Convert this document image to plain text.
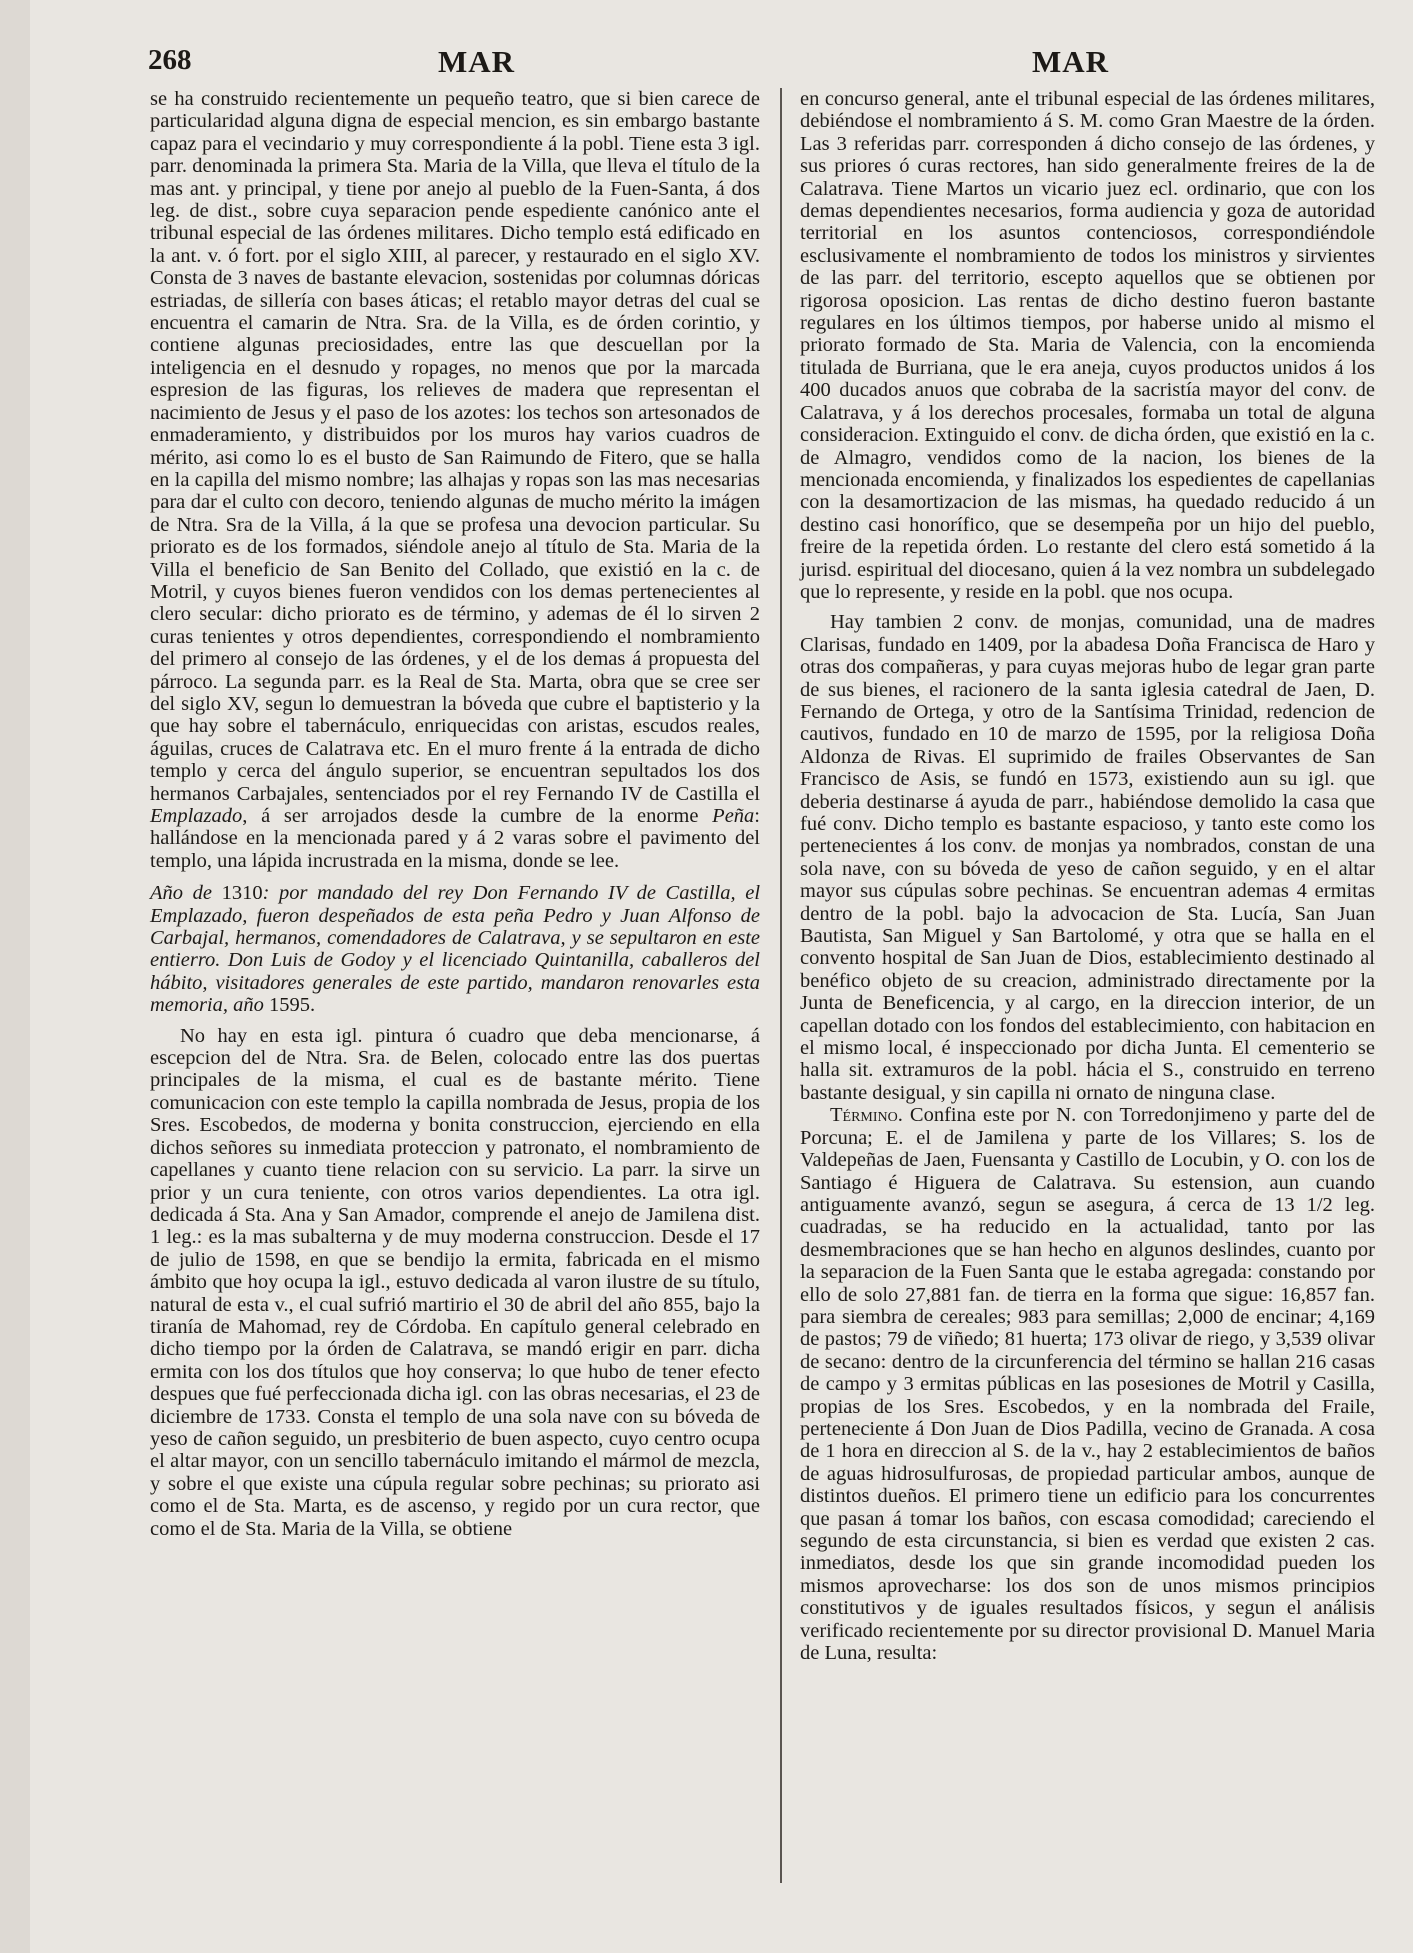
268	MAR	MAR

se ha construido recientemente un pequeño teatro, que si bien carece de particularidad alguna digna de especial mencion, es sin embargo bastante capaz para el vecindario y muy correspondiente á la pobl. Tiene esta 3 igl. parr. denominada la primera Sta. Maria de la Villa, que lleva el título de la mas ant. y principal, y tiene por anejo al pueblo de la Fuen-Santa, á dos leg. de dist., sobre cuya separacion pende espediente canónico ante el tribunal especial de las órdenes militares. Dicho templo está edificado en la ant. v. ó fort. por el siglo XIII, al parecer, y restaurado en el siglo XV. Consta de 3 naves de bastante elevacion, sostenidas por columnas dóricas estriadas, de sillería con bases áticas; el retablo mayor detras del cual se encuentra el camarin de Ntra. Sra. de la Villa, es de órden corintio, y contiene algunas preciosidades, entre las que descuellan por la inteligencia en el desnudo y ropages, no menos que por la marcada espresion de las figuras, los relieves de madera que representan el nacimiento de Jesus y el paso de los azotes: los techos son artesonados de enmaderamiento, y distribuidos por los muros hay varios cuadros de mérito, asi como lo es el busto de San Raimundo de Fitero, que se halla en la capilla del mismo nombre; las alhajas y ropas son las mas necesarias para dar el culto con decoro, teniendo algunas de mucho mérito la imágen de Ntra. Sra de la Villa, á la que se profesa una devocion particular. Su priorato es de los formados, siéndole anejo al título de Sta. Maria de la Villa el beneficio de San Benito del Collado, que existió en la c. de Motril, y cuyos bienes fueron vendidos con los demas pertenecientes al clero secular: dicho priorato es de término, y ademas de él lo sirven 2 curas tenientes y otros dependientes, correspondiendo el nombramiento del primero al consejo de las órdenes, y el de los demas á propuesta del párroco. La segunda parr. es la Real de Sta. Marta, obra que se cree ser del siglo XV, segun lo demuestran la bóveda que cubre el baptisterio y la que hay sobre el tabernáculo, enriquecidas con aristas, escudos reales, águilas, cruces de Calatrava etc. En el muro frente á la entrada de dicho templo y cerca del ángulo superior, se encuentran sepultados los dos hermanos Carbajales, sentenciados por el rey Fernando IV de Castilla el Emplazado, á ser arrojados desde la cumbre de la enorme Peña: hallándose en la mencionada pared y á 2 varas sobre el pavimento del templo, una lápida incrustrada en la misma, donde se lee.

Año de 1310: por mandado del rey Don Fernando IV de Castilla, el Emplazado, fueron despeñados de esta peña Pedro y Juan Alfonso de Carbajal, hermanos, comendadores de Calatrava, y se sepultaron en este entierro. Don Luis de Godoy y el licenciado Quintanilla, caballeros del hábito, visitadores generales de este partido, mandaron renovarles esta memoria, año 1595.

No hay en esta igl. pintura ó cuadro que deba mencionarse, á escepcion del de Ntra. Sra. de Belen, colocado entre las dos puertas principales de la misma, el cual es de bastante mérito. Tiene comunicacion con este templo la capilla nombrada de Jesus, propia de los Sres. Escobedos, de moderna y bonita construccion, ejerciendo en ella dichos señores su inmediata proteccion y patronato, el nombramiento de capellanes y cuanto tiene relacion con su servicio. La parr. la sirve un prior y un cura teniente, con otros varios dependientes. La otra igl. dedicada á Sta. Ana y San Amador, comprende el anejo de Jamilena dist. 1 leg.: es la mas subalterna y de muy moderna construccion. Desde el 17 de julio de 1598, en que se bendijo la ermita, fabricada en el mismo ámbito que hoy ocupa la igl., estuvo dedicada al varon ilustre de su título, natural de esta v., el cual sufrió martirio el 30 de abril del año 855, bajo la tiranía de Mahomad, rey de Córdoba. En capítulo general celebrado en dicho tiempo por la órden de Calatrava, se mandó erigir en parr. dicha ermita con los dos títulos que hoy conserva; lo que hubo de tener efecto despues que fué perfeccionada dicha igl. con las obras necesarias, el 23 de diciembre de 1733. Consta el templo de una sola nave con su bóveda de yeso de cañon seguido, un presbiterio de buen aspecto, cuyo centro ocupa el altar mayor, con un sencillo tabernáculo imitando el mármol de mezcla, y sobre el que existe una cúpula regular sobre pechinas; su priorato asi como el de Sta. Marta, es de ascenso, y regido por un cura rector, que como el de Sta. Maria de la Villa, se obtiene

en concurso general, ante el tribunal especial de las órdenes militares, debiéndose el nombramiento á S. M. como Gran Maestre de la órden. Las 3 referidas parr. corresponden á dicho consejo de las órdenes, y sus priores ó curas rectores, han sido generalmente freires de la de Calatrava. Tiene Martos un vicario juez ecl. ordinario, que con los demas dependientes necesarios, forma audiencia y goza de autoridad territorial en los asuntos contenciosos, correspondiéndole esclusivamente el nombramiento de todos los ministros y sirvientes de las parr. del territorio, escepto aquellos que se obtienen por rigorosa oposicion. Las rentas de dicho destino fueron bastante regulares en los últimos tiempos, por haberse unido al mismo el priorato formado de Sta. Maria de Valencia, con la encomienda titulada de Burriana, que le era aneja, cuyos productos unidos á los 400 ducados anuos que cobraba de la sacristía mayor del conv. de Calatrava, y á los derechos procesales, formaba un total de alguna consideracion. Extinguido el conv. de dicha órden, que existió en la c. de Almagro, vendidos como de la nacion, los bienes de la mencionada encomienda, y finalizados los espedientes de capellanias con la desamortizacion de las mismas, ha quedado reducido á un destino casi honorífico, que se desempeña por un hijo del pueblo, freire de la repetida órden. Lo restante del clero está sometido á la jurisd. espiritual del diocesano, quien á la vez nombra un subdelegado que lo represente, y reside en la pobl. que nos ocupa.

Hay tambien 2 conv. de monjas, comunidad, una de madres Clarisas, fundado en 1409, por la abadesa Doña Francisca de Haro y otras dos compañeras, y para cuyas mejoras hubo de legar gran parte de sus bienes, el racionero de la santa iglesia catedral de Jaen, D. Fernando de Ortega, y otro de la Santísima Trinidad, redencion de cautivos, fundado en 10 de marzo de 1595, por la religiosa Doña Aldonza de Rivas. El suprimido de frailes Observantes de San Francisco de Asis, se fundó en 1573, existiendo aun su igl. que deberia destinarse á ayuda de parr., habiéndose demolido la casa que fué conv. Dicho templo es bastante espacioso, y tanto este como los pertenecientes á los conv. de monjas ya nombrados, constan de una sola nave, con su bóveda de yeso de cañon seguido, y en el altar mayor sus cúpulas sobre pechinas. Se encuentran ademas 4 ermitas dentro de la pobl. bajo la advocacion de Sta. Lucía, San Juan Bautista, San Miguel y San Bartolomé, y otra que se halla en el convento hospital de San Juan de Dios, establecimiento destinado al benéfico objeto de su creacion, administrado directamente por la Junta de Beneficencia, y al cargo, en la direccion interior, de un capellan dotado con los fondos del establecimiento, con habitacion en el mismo local, é inspeccionado por dicha Junta. El cementerio se halla sit. extramuros de la pobl. hácia el S., construido en terreno bastante desigual, y sin capilla ni ornato de ninguna clase.

Término. Confina este por N. con Torredonjimeno y parte del de Porcuna; E. el de Jamilena y parte de los Villares; S. los de Valdepeñas de Jaen, Fuensanta y Castillo de Locubin, y O. con los de Santiago é Higuera de Calatrava. Su estension, aun cuando antiguamente avanzó, segun se asegura, á cerca de 13 1/2 leg. cuadradas, se ha reducido en la actualidad, tanto por las desmembraciones que se han hecho en algunos deslindes, cuanto por la separacion de la Fuen Santa que le estaba agregada: constando por ello de solo 27,881 fan. de tierra en la forma que sigue: 16,857 fan. para siembra de cereales; 983 para semillas; 2,000 de encinar; 4,169 de pastos; 79 de viñedo; 81 huerta; 173 olivar de riego, y 3,539 olivar de secano: dentro de la circunferencia del término se hallan 216 casas de campo y 3 ermitas públicas en las posesiones de Motril y Casilla, propias de los Sres. Escobedos, y en la nombrada del Fraile, perteneciente á Don Juan de Dios Padilla, vecino de Granada. A cosa de 1 hora en direccion al S. de la v., hay 2 establecimientos de baños de aguas hidrosulfurosas, de propiedad particular ambos, aunque de distintos dueños. El primero tiene un edificio para los concurrentes que pasan á tomar los baños, con escasa comodidad; careciendo el segundo de esta circunstancia, si bien es verdad que existen 2 cas. inmediatos, desde los que sin grande incomodidad pueden los mismos aprovecharse: los dos son de unos mismos principios constitutivos y de iguales resultados físicos, y segun el análisis verificado recientemente por su director provisional D. Manuel Maria de Luna, resulta:
